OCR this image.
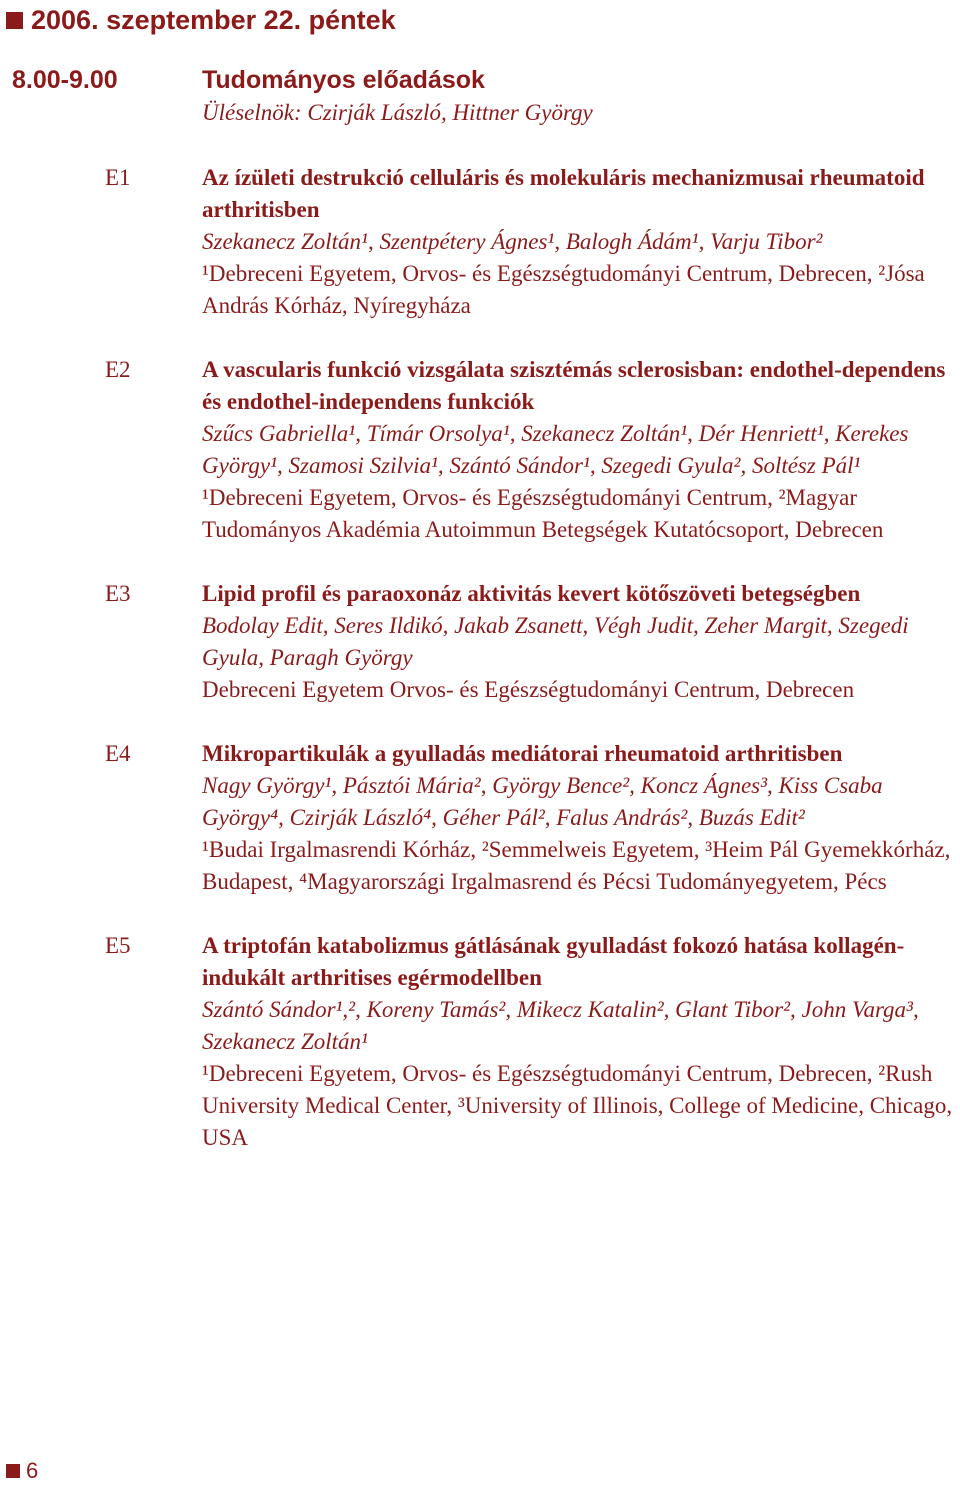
2006. szeptember 22. péntek
8.00-9.00	Tudományos előadások
Üléselnök: Czirják László, Hittner György
E1	Az ízületi destrukció celluláris és molekuláris mechanizmusai rheumatoid arthritisben
Szekanecz Zoltán¹, Szentpétery Ágnes¹, Balogh Ádám¹, Varju Tibor²
¹Debreceni Egyetem, Orvos- és Egészségtudományi Centrum, Debrecen, ²Jósa András Kórház, Nyíregyháza
E2	A vascularis funkció vizsgálata szisztémás sclerosisban: endothel-dependens és endothel-independens funkciók
Szűcs Gabriella¹, Tímár Orsolya¹, Szekanecz Zoltán¹, Dér Henriett¹, Kerekes György¹, Szamosi Szilvia¹, Szántó Sándor¹, Szegedi Gyula², Soltész Pál¹
¹Debreceni Egyetem, Orvos- és Egészségtudományi Centrum, ²Magyar Tudományos Akadémia Autoimmun Betegségek Kutatócsoport, Debrecen
E3	Lipid profil és paraoxonáz aktivitás kevert kötőszöveti betegségben
Bodolay Edit, Seres Ildikó, Jakab Zsanett, Végh Judit, Zeher Margit, Szegedi Gyula, Paragh György
Debreceni Egyetem Orvos- és Egészségtudományi Centrum, Debrecen
E4	Mikropartikulák a gyulladás mediátorai rheumatoid arthritisben
Nagy György¹, Pásztói Mária², György Bence², Koncz Ágnes³, Kiss Csaba György⁴, Czirják László⁴, Géher Pál², Falus András², Buzás Edit²
¹Budai Irgalmasrendi Kórház, ²Semmelweis Egyetem, ³Heim Pál Gyemekkórház, Budapest, ⁴Magyarországi Irgalmasrend és Pécsi Tudományegyetem, Pécs
E5	A triptofán katabolizmus gátlásának gyulladást fokozó hatása kollagén-indukált arthritises egérmodellben
Szántó Sándor¹,², Koreny Tamás², Mikecz Katalin², Glant Tibor², John Varga³, Szekanecz Zoltán¹
¹Debreceni Egyetem, Orvos- és Egészségtudományi Centrum, Debrecen, ²Rush University Medical Center, ³University of Illinois, College of Medicine, Chicago, USA
6
